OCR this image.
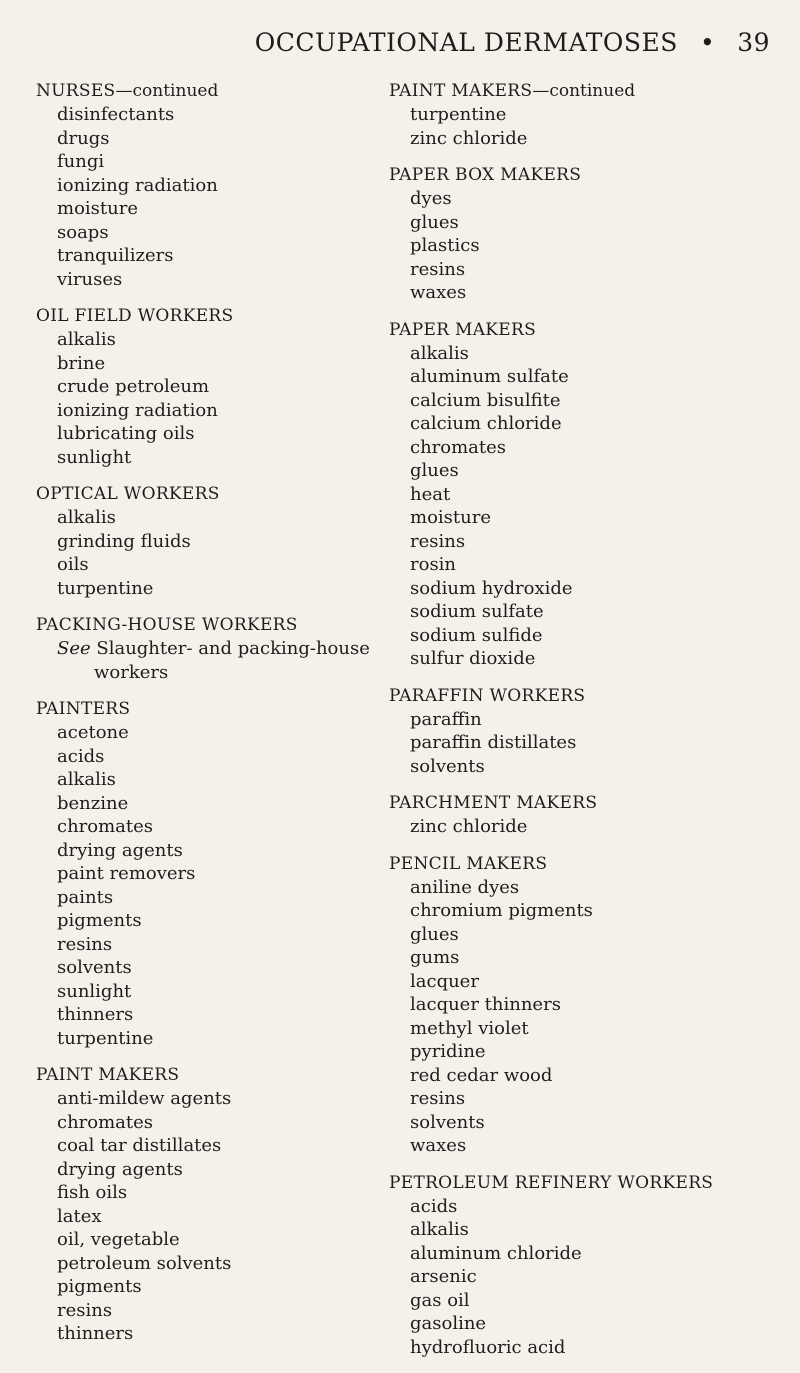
OCCUPATIONAL DERMATOSES • 39
NURSES—continued
disinfectants
drugs
fungi
ionizing radiation
moisture
soaps
tranquilizers
viruses
OIL FIELD WORKERS
alkalis
brine
crude petroleum
ionizing radiation
lubricating oils
sunlight
OPTICAL WORKERS
alkalis
grinding fluids
oils
turpentine
PACKING-HOUSE WORKERS
See Slaughter- and packing-house
workers
PAINTERS
acetone
acids
alkalis
benzine
chromates
drying agents
paint removers
paints
pigments
resins
solvents
sunlight
thinners
turpentine
PAINT MAKERS
anti-mildew agents
chromates
coal tar distillates
drying agents
fish oils
latex
oil, vegetable
petroleum solvents
pigments
resins
thinners
PAINT MAKERS—continued
turpentine
zinc chloride
PAPER BOX MAKERS
dyes
glues
plastics
resins
waxes
PAPER MAKERS
alkalis
aluminum sulfate
calcium bisulfite
calcium chloride
chromates
glues
heat
moisture
resins
rosin
sodium hydroxide
sodium sulfate
sodium sulfide
sulfur dioxide
PARAFFIN WORKERS
paraffin
paraffin distillates
solvents
PARCHMENT MAKERS
zinc chloride
PENCIL MAKERS
aniline dyes
chromium pigments
glues
gums
lacquer
lacquer thinners
methyl violet
pyridine
red cedar wood
resins
solvents
waxes
PETROLEUM REFINERY WORKERS
acids
alkalis
aluminum chloride
arsenic
gas oil
gasoline
hydrofluoric acid
